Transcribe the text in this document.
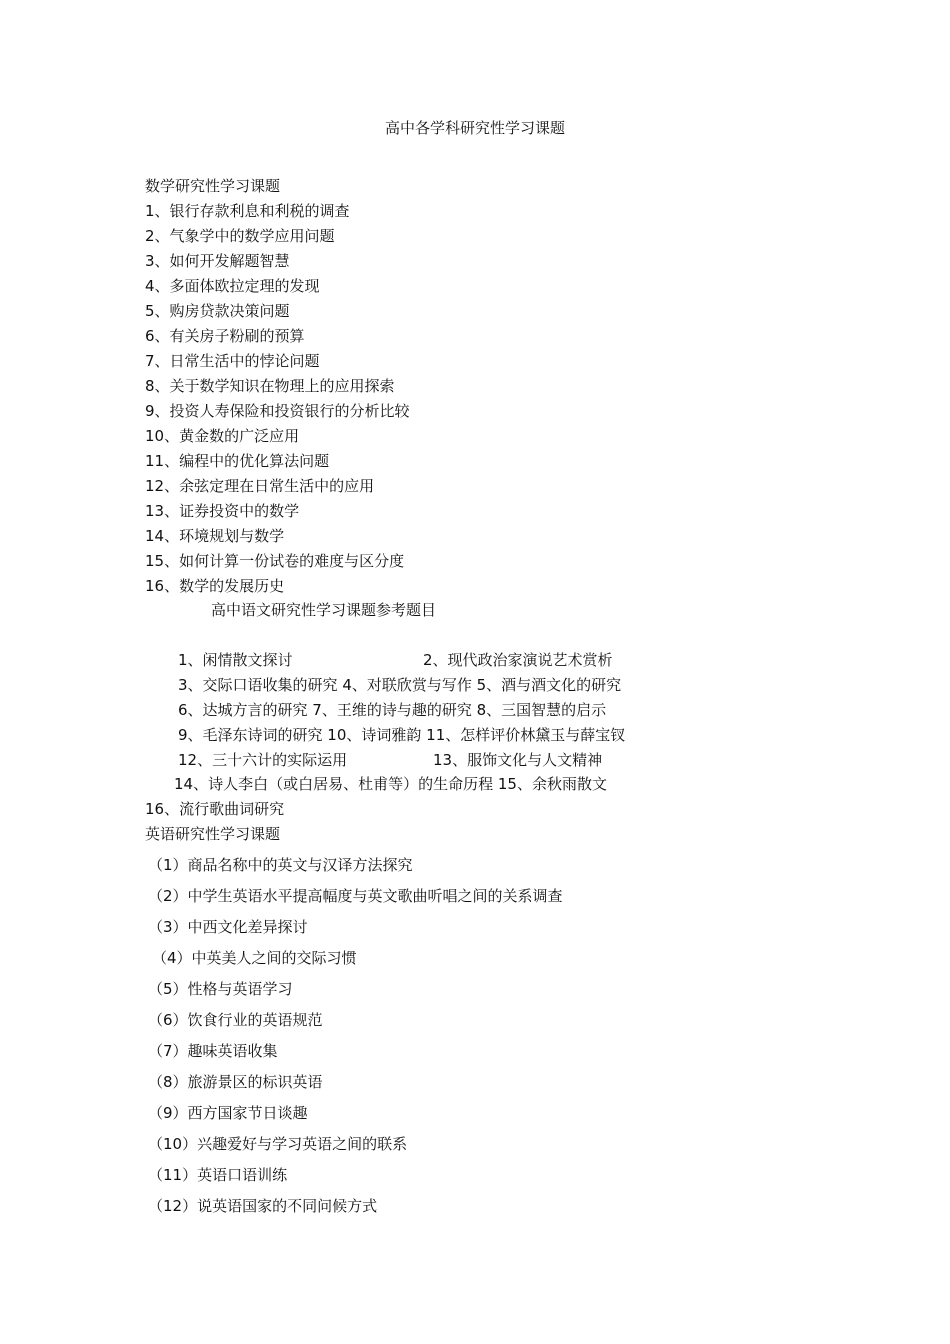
高中各学科研究性学习课题
数学研究性学习课题
1、银行存款利息和利税的调查
2、气象学中的数学应用问题
3、如何开发解题智慧
4、多面体欧拉定理的发现
5、购房贷款决策问题
6、有关房子粉刷的预算
7、日常生活中的悖论问题
8、关于数学知识在物理上的应用探索
9、投资人寿保险和投资银行的分析比较
10、黄金数的广泛应用
11、编程中的优化算法问题
12、余弦定理在日常生活中的应用
13、证券投资中的数学
14、环境规划与数学
15、如何计算一份试卷的难度与区分度
16、数学的发展历史
高中语文研究性学习课题参考题目
1、闲情散文探讨	2、现代政治家演说艺术赏析
3、交际口语收集的研究 4、对联欣赏与写作 5、酒与酒文化的研究
6、达城方言的研究 7、王维的诗与趣的研究 8、三国智慧的启示
9、毛泽东诗词的研究 10、诗词雅韵 11、怎样评价林黛玉与薛宝钗
12、三十六计的实际运用	13、服饰文化与人文精神
14、诗人李白（或白居易、杜甫等）的生命历程 15、余秋雨散文
16、流行歌曲词研究
英语研究性学习课题
（1）商品名称中的英文与汉译方法探究
（2）中学生英语水平提高幅度与英文歌曲听唱之间的关系调查
（3）中西文化差异探讨
（4）中英美人之间的交际习惯
（5）性格与英语学习
（6）饮食行业的英语规范
（7）趣味英语收集
（8）旅游景区的标识英语
（9）西方国家节日谈趣
（10）兴趣爱好与学习英语之间的联系
（11）英语口语训练
（12）说英语国家的不同问候方式
